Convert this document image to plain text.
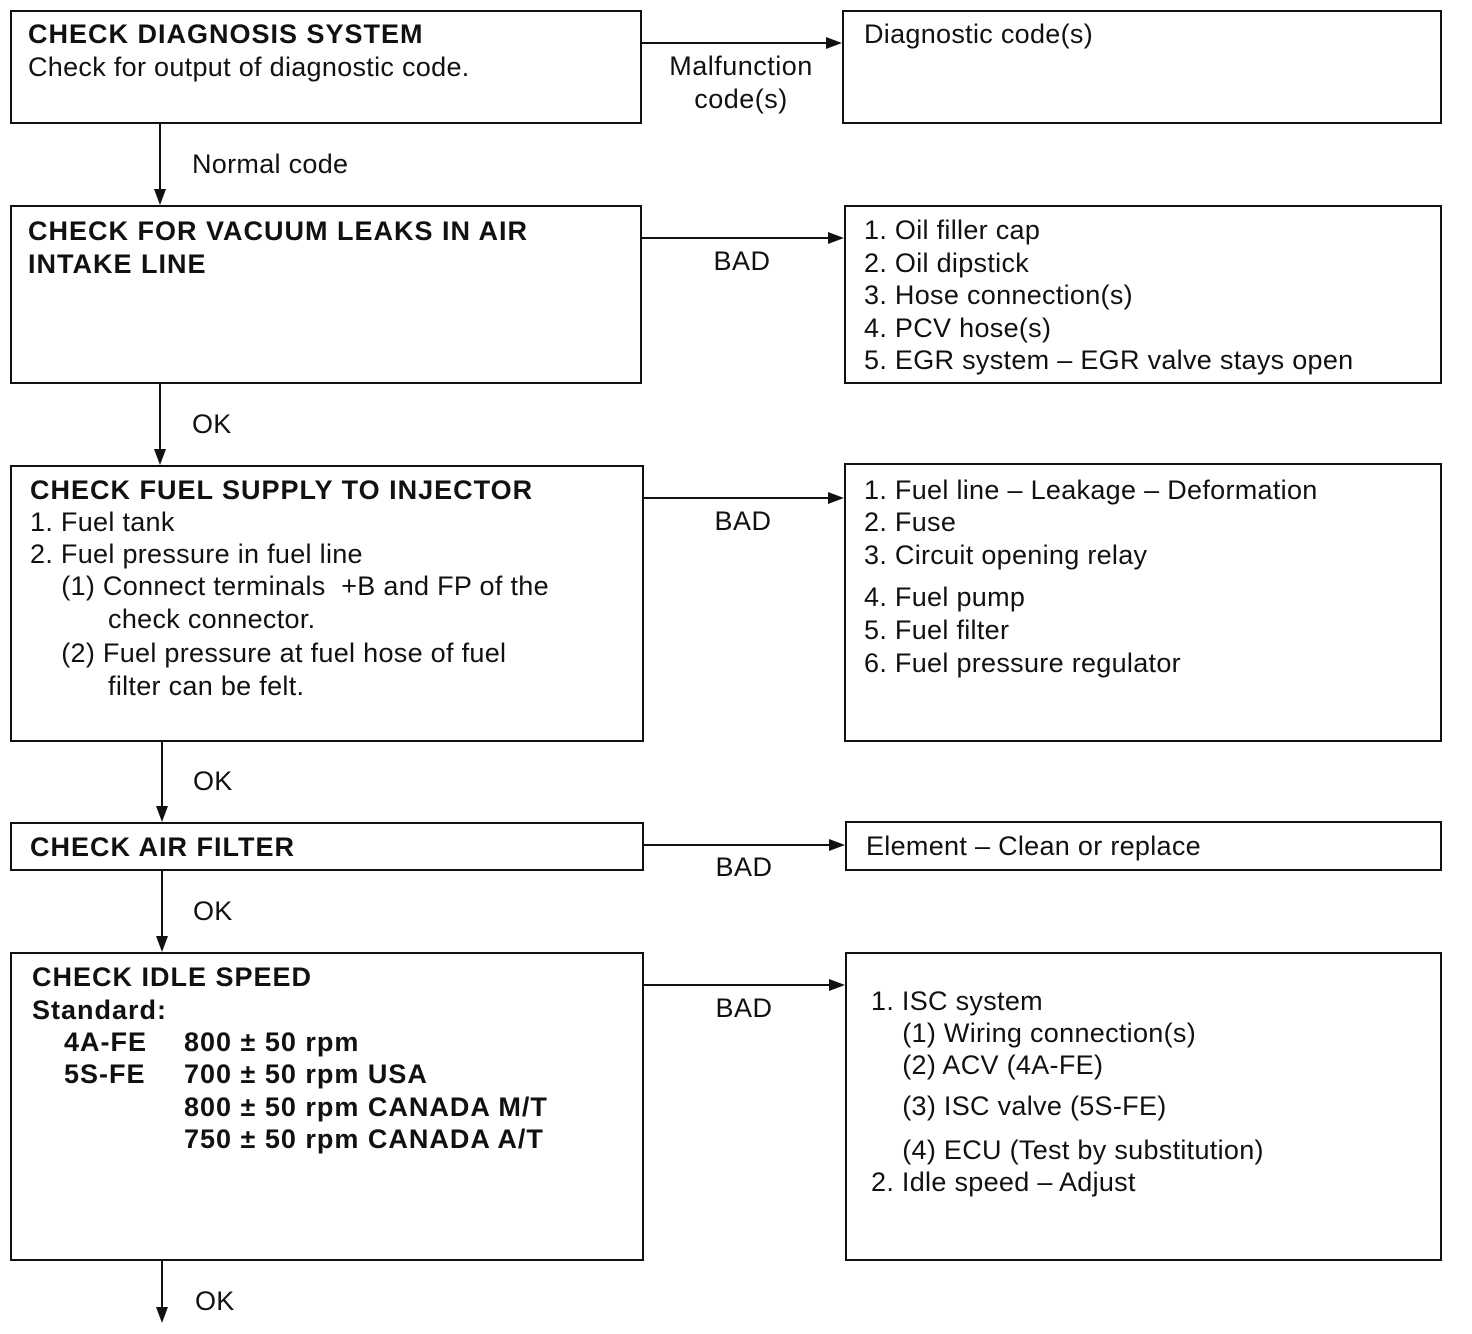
CHECK DIAGNOSIS SYSTEM
Check for output of diagnostic code.	Malfunction
code(s)
Diagnostic code(s)
Normal code
CHECK FOR VACUUM LEAKS IN AIR
INTAKE LINE	BAD
1. Oil filler cap
2. Oil dipstick
3. Hose connection(s)
4. PCV hose(s)
5. EGR system – EGR valve stays open
OK
CHECK FUEL SUPPLY TO INJECTOR
1. Fuel tank
2. Fuel pressure in fuel line
(1) Connect terminals  +B and FP of the
check connector.
(2) Fuel pressure at fuel hose of fuel
filter can be felt.
BAD
1. Fuel line – Leakage – Deformation
2. Fuse
3. Circuit opening relay
4. Fuel pump
5. Fuel filter
6. Fuel pressure regulator
OK
CHECK AIR FILTER
BAD
Element – Clean or replace
OK
CHECK IDLE SPEED
Standard:
4A-FE 800 ± 50 rpm
5S-FE 700 ± 50 rpm USA
800 ± 50 rpm CANADA M/T
750 ± 50 rpm CANADA A/T
BAD	1. ISC system
(1) Wiring connection(s)
(2) ACV (4A-FE)
(3) ISC valve (5S-FE)
(4) ECU (Test by substitution)
2. Idle speed – Adjust
OK
